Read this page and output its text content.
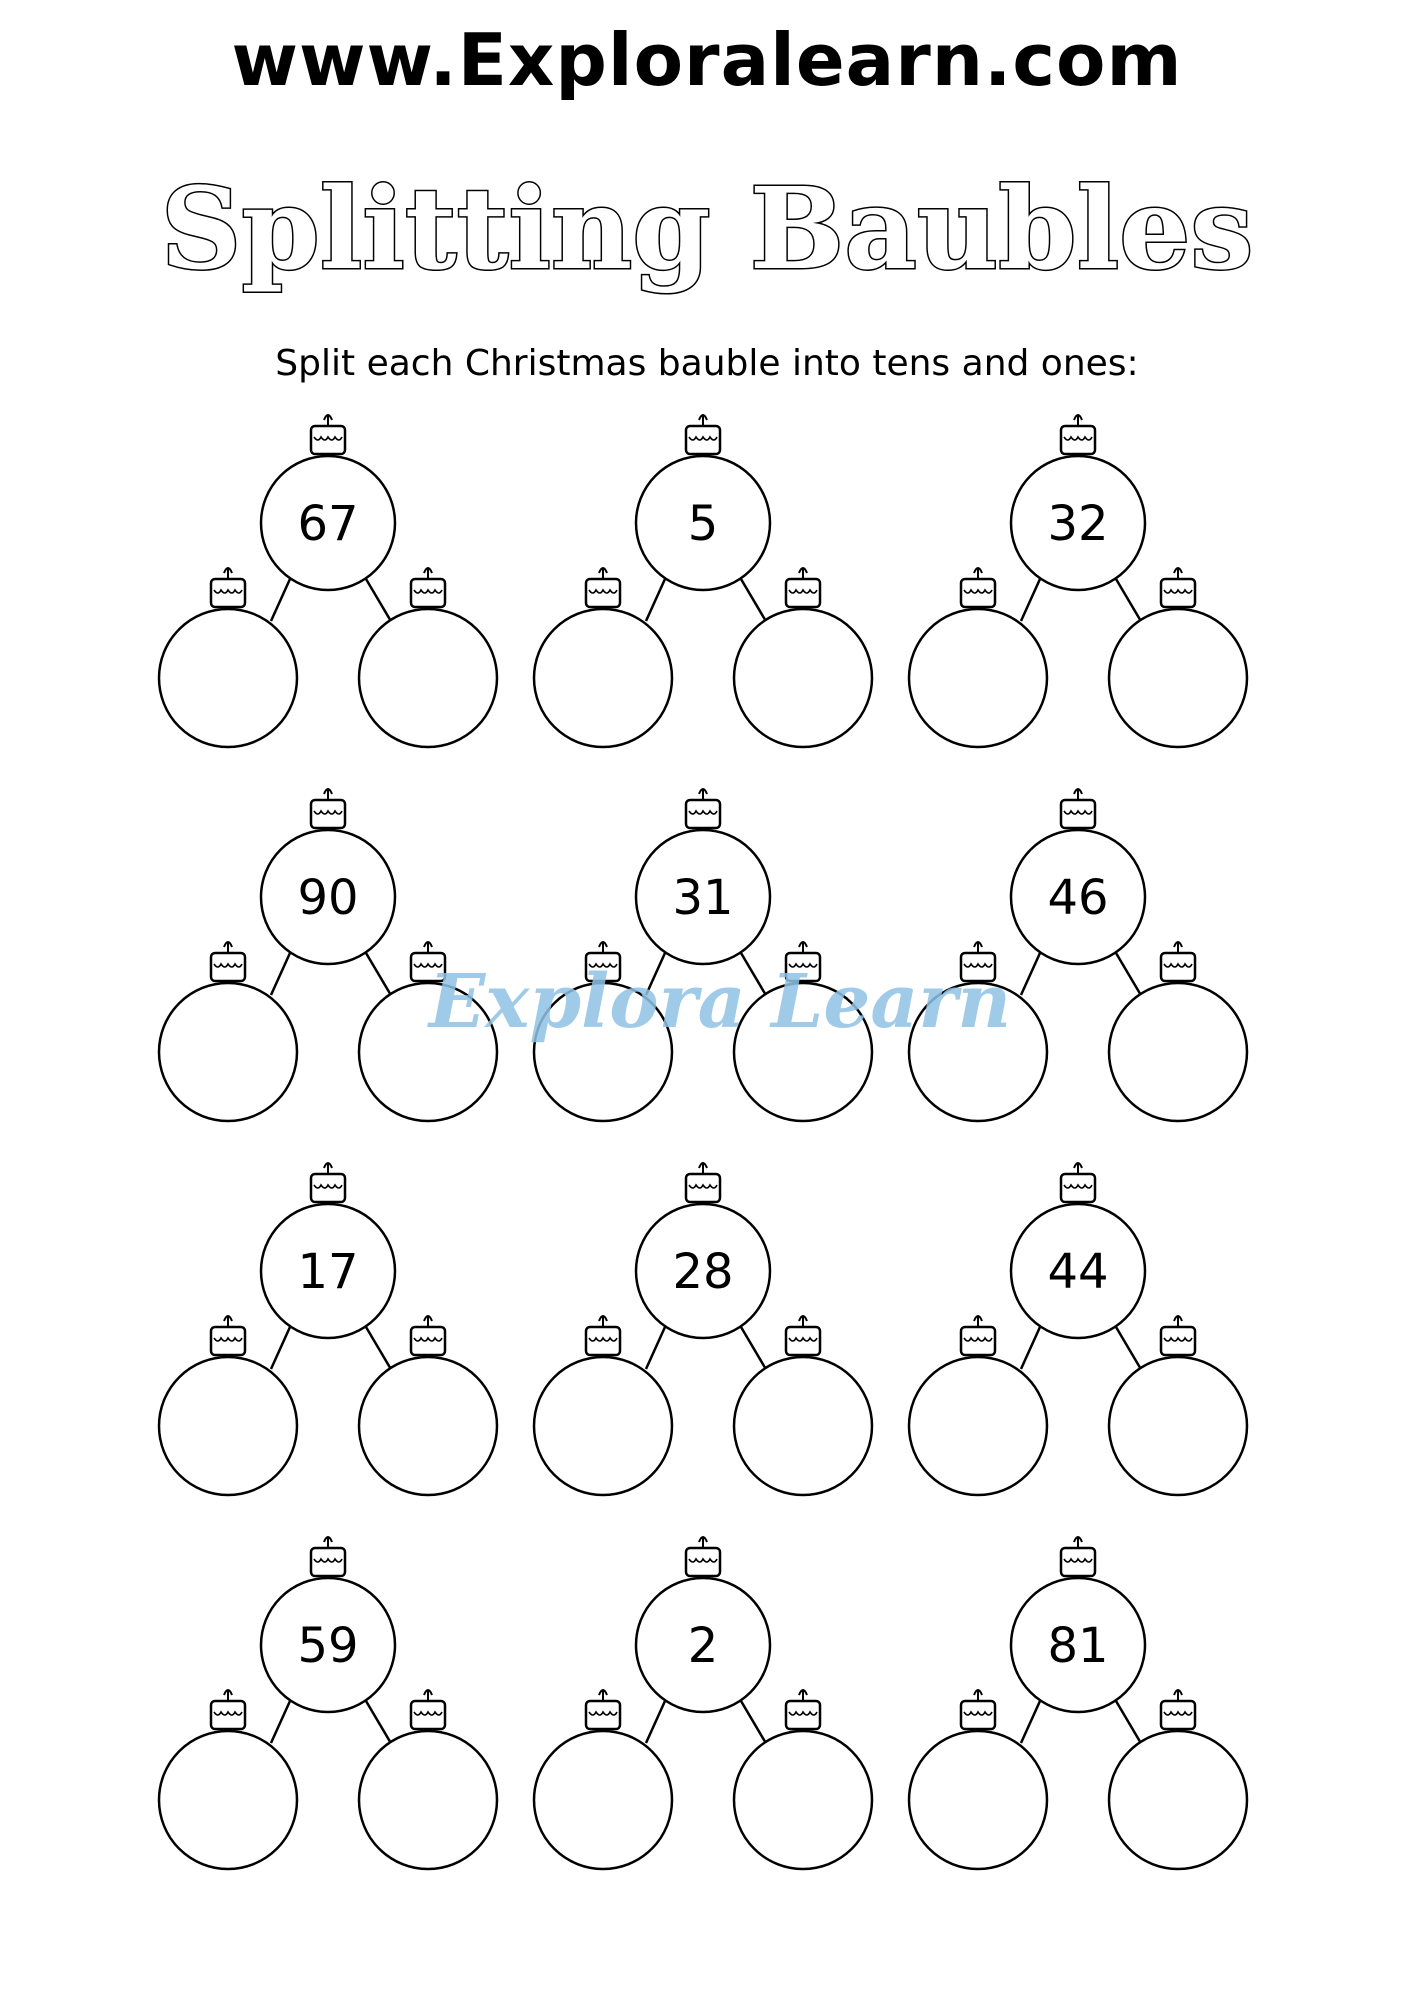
www.Exploralearn.com
Splitting Baubles
Split each Christmas bauble into tens and ones:
67	5	32
90	31	46
17	28	44
59	2	81
Explora Learn
